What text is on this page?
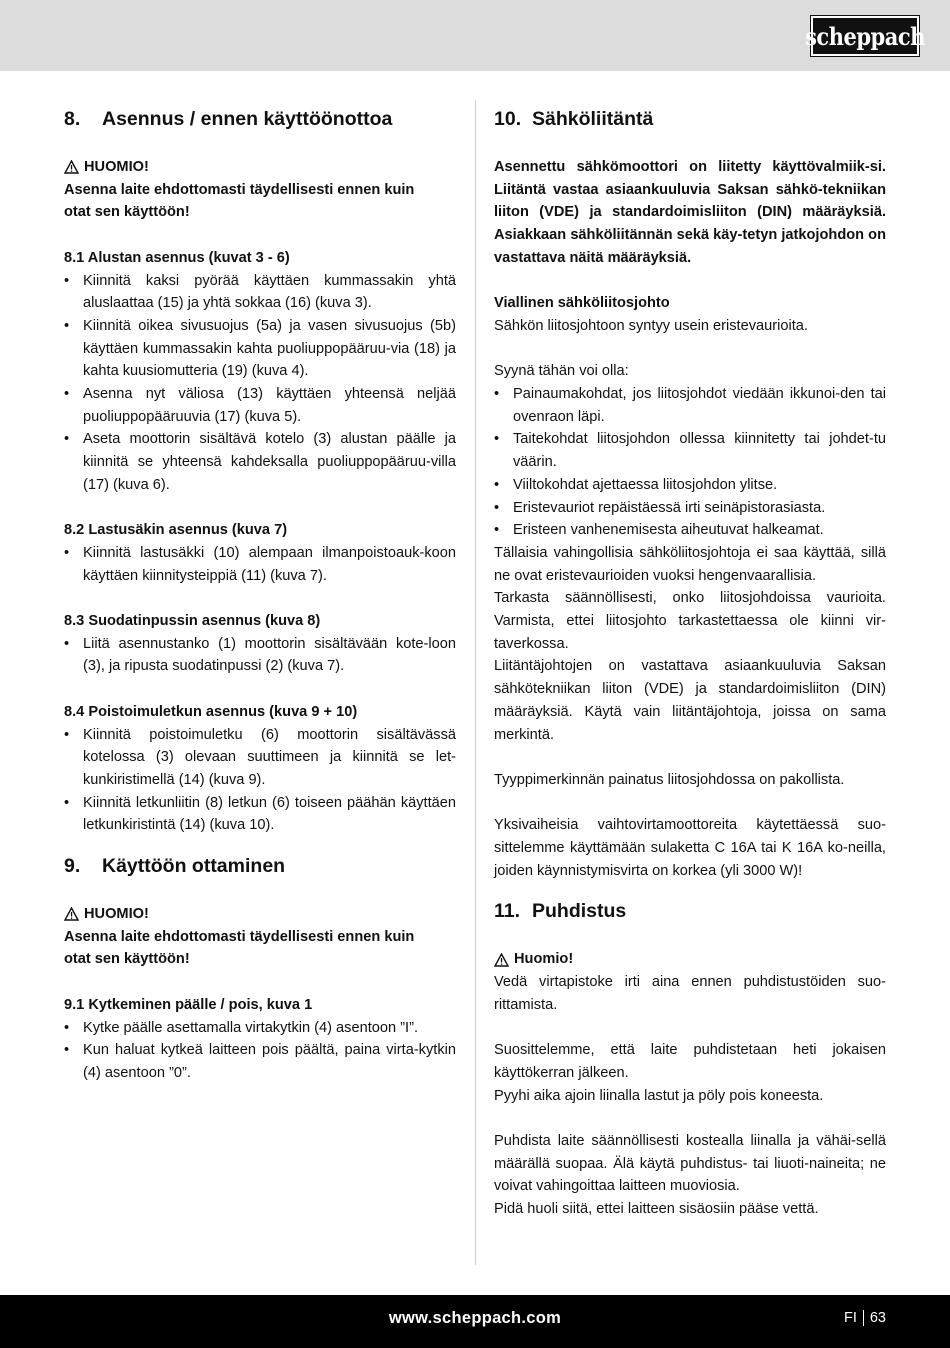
scheppach
8.	Asennus / ennen käyttöönottoa
HUOMIO!
Asenna laite ehdottomasti täydellisesti ennen kuin
otat sen käyttöön!
8.1 Alustan asennus (kuvat 3 - 6)
• Kiinnitä kaksi pyörää käyttäen kummassakin yhtä aluslaattaa (15) ja yhtä sokkaa (16) (kuva 3).
• Kiinnitä oikea sivusuojus (5a) ja vasen sivusuojus (5b) käyttäen kummassakin kahta puoliuppopääruu-via (18) ja kahta kuusiomutteria (19) (kuva 4).
• Asenna nyt väliosa (13) käyttäen yhteensä neljää puoliuppopääruuvia (17) (kuva 5).
• Aseta moottorin sisältävä kotelo (3) alustan päälle ja kiinnitä se yhteensä kahdeksalla puoliuppopääruu-villa (17) (kuva 6).
8.2 Lastusäkin asennus (kuva 7)
• Kiinnitä lastusäkki (10) alempaan ilmanpoistoauk-koon käyttäen kiinnitysteippiä (11) (kuva 7).
8.3 Suodatinpussin asennus (kuva 8)
• Liitä asennustanko (1) moottorin sisältävään kote-loon (3), ja ripusta suodatinpussi (2) (kuva 7).
8.4 Poistoimuletkun asennus (kuva 9 + 10)
• Kiinnitä poistoimuletku (6) moottorin sisältävässä kotelossa (3) olevaan suuttimeen ja kiinnitä se let-kunkiristimellä (14) (kuva 9).
• Kiinnitä letkunliitin (8) letkun (6) toiseen päähän käyttäen letkunkiristintä (14) (kuva 10).
9.	Käyttöön ottaminen
HUOMIO!
Asenna laite ehdottomasti täydellisesti ennen kuin
otat sen käyttöön!
9.1 Kytkeminen päälle / pois, kuva 1
• Kytke päälle asettamalla virtakytkin (4) asentoon ”I”.
• Kun haluat kytkeä laitteen pois päältä, paina virta-kytkin (4) asentoon ”0”.
10. Sähköliitäntä
Asennettu sähkömoottori on liitetty käyttövalmiik-si. Liitäntä vastaa asiaankuuluvia Saksan sähkö-tekniikan liiton (VDE) ja standardoimisliiton (DIN) määräyksiä. Asiakkaan sähköliitännän sekä käy-tetyn jatkojohdon on vastattava näitä määräyksiä.
Viallinen sähköliitosjohto
Sähkön liitosjohtoon syntyy usein eristevaurioita.
Syynä tähän voi olla:
• Painaumakohdat, jos liitosjohdot viedään ikkunoi-den tai ovenraon läpi.
• Taitekohdat liitosjohdon ollessa kiinnitetty tai johdet-tu väärin.
• Viiltokohdat ajettaessa liitosjohdon ylitse.
• Eristevauriot repäistäessä irti seinäpistorasiasta.
• Eristeen vanhenemisesta aiheutuvat halkeamat.
Tällaisia vahingollisia sähköliitosjohtoja ei saa käyttää, sillä ne ovat eristevaurioiden vuoksi hengenvaarallisia.
Tarkasta säännöllisesti, onko liitosjohdoissa vaurioita. Varmista, ettei liitosjohto tarkastettaessa ole kiinni vir-taverkossa.
Liitäntäjohtojen on vastattava asiaankuuluvia Saksan sähkötekniikan liiton (VDE) ja standardoimisliiton (DIN) määräyksiä. Käytä vain liitäntäjohtoja, joissa on sama merkintä.
Tyyppimerkinnän painatus liitosjohdossa on pakollista.
Yksivaiheisia vaihtovirtamoottoreita käytettäessä suo-sittelemme käyttämään sulaketta C 16A tai K 16A ko-neilla, joiden käynnistymisvirta on korkea (yli 3000 W)!
11. Puhdistus
Huomio!
Vedä virtapistoke irti aina ennen puhdistustöiden suo-rittamista.
Suosittelemme, että laite puhdistetaan heti jokaisen käyttökerran jälkeen.
Pyyhi aika ajoin liinalla lastut ja pöly pois koneesta.
Puhdista laite säännöllisesti kostealla liinalla ja vähäi-sellä määrällä suopaa. Älä käytä puhdistus- tai liuoti-naineita; ne voivat vahingoittaa laitteen muoviosia.
Pidä huoli siitä, ettei laitteen sisäosiin pääse vettä.
www.scheppach.com	FI 63
